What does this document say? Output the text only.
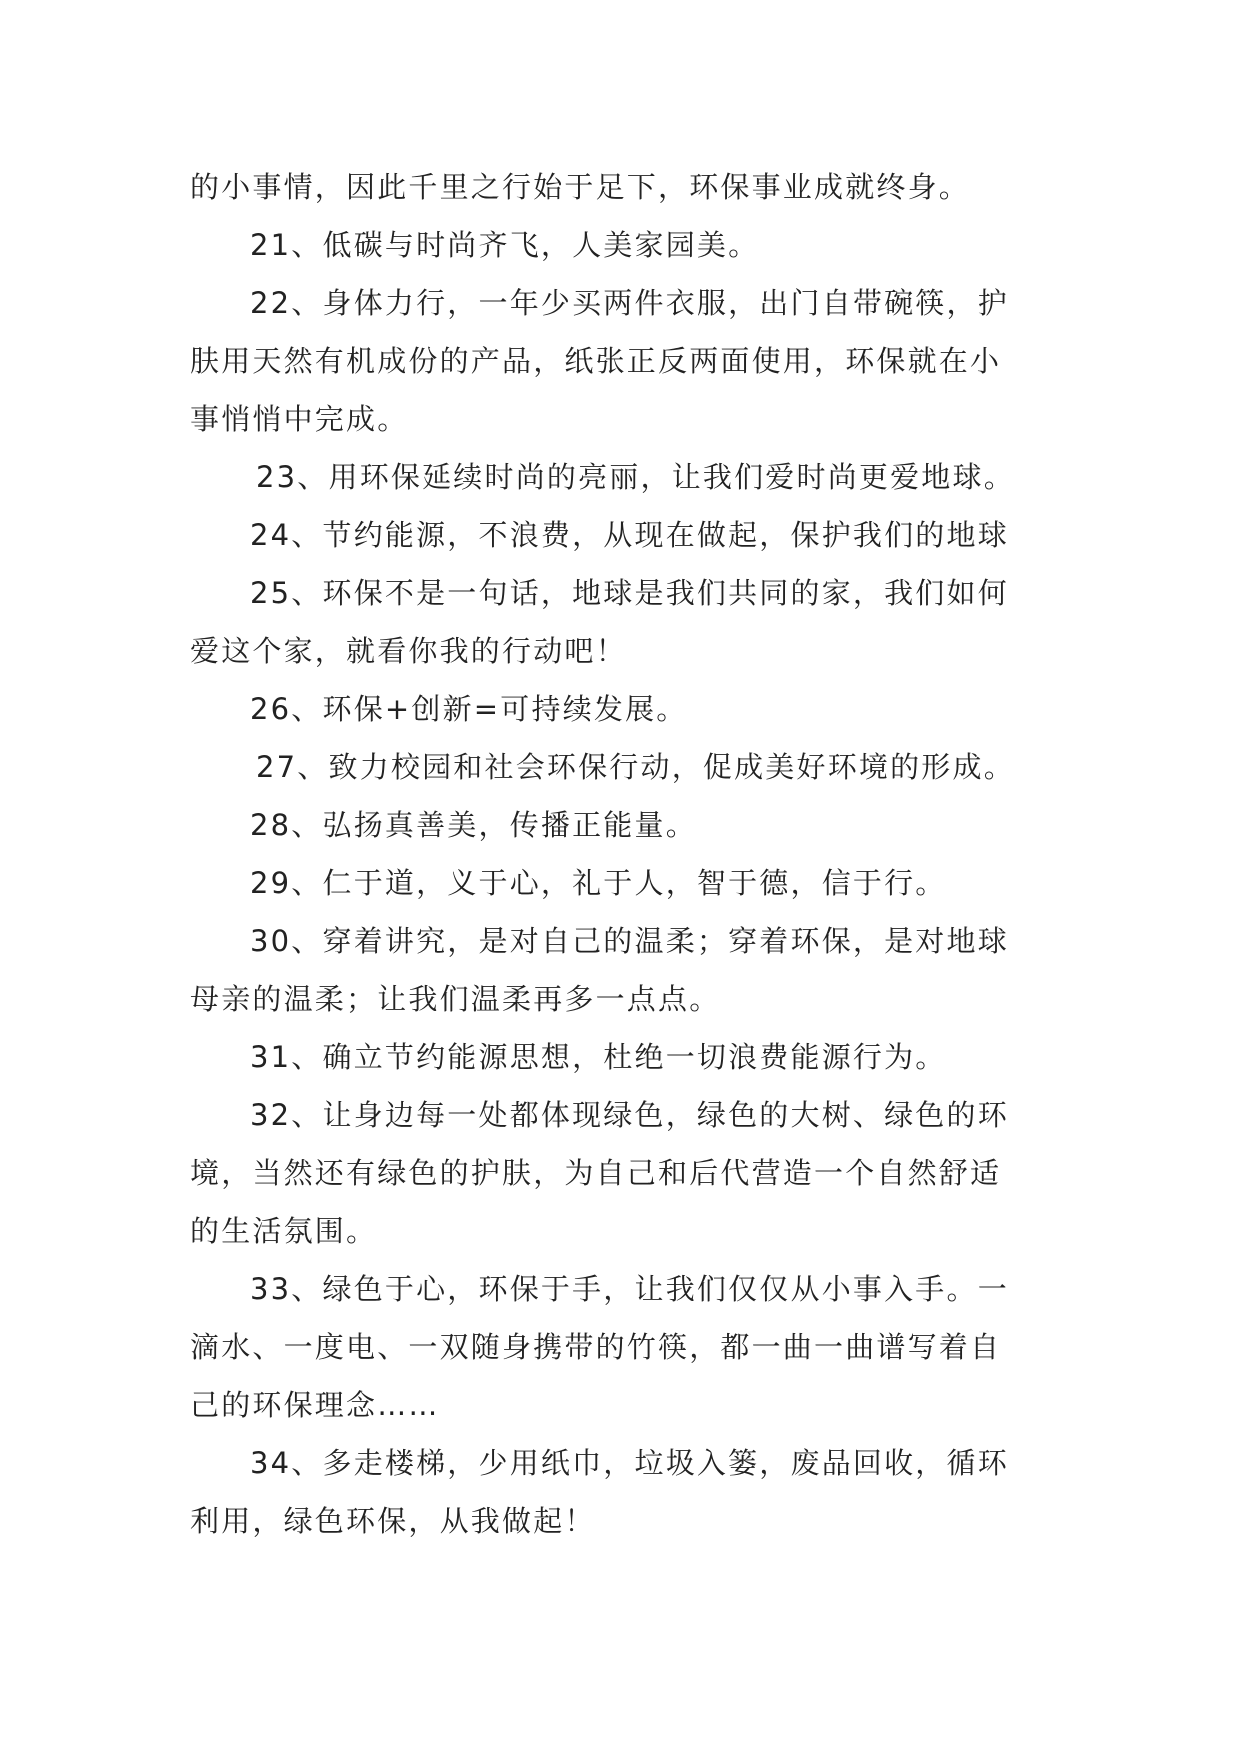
的小事情，因此千里之行始于足下，环保事业成就终身。

21、低碳与时尚齐飞，人美家园美。

22、身体力行，一年少买两件衣服，出门自带碗筷，护
肤用天然有机成份的产品，纸张正反两面使用，环保就在小
事悄悄中完成。

23、用环保延续时尚的亮丽，让我们爱时尚更爱地球。

24、节约能源，不浪费，从现在做起，保护我们的地球

25、环保不是一句话，地球是我们共同的家，我们如何
爱这个家，就看你我的行动吧！

26、环保+创新=可持续发展。

27、致力校园和社会环保行动，促成美好环境的形成。

28、弘扬真善美，传播正能量。

29、仁于道，义于心，礼于人，智于德，信于行。

30、穿着讲究，是对自己的温柔；穿着环保，是对地球
母亲的温柔；让我们温柔再多一点点。

31、确立节约能源思想，杜绝一切浪费能源行为。

32、让身边每一处都体现绿色，绿色的大树、绿色的环
境，当然还有绿色的护肤，为自己和后代营造一个自然舒适
的生活氛围。

33、绿色于心，环保于手，让我们仅仅从小事入手。一
滴水、一度电、一双随身携带的竹筷，都一曲一曲谱写着自
己的环保理念……

34、多走楼梯，少用纸巾，垃圾入篓，废品回收，循环
利用，绿色环保，从我做起！
